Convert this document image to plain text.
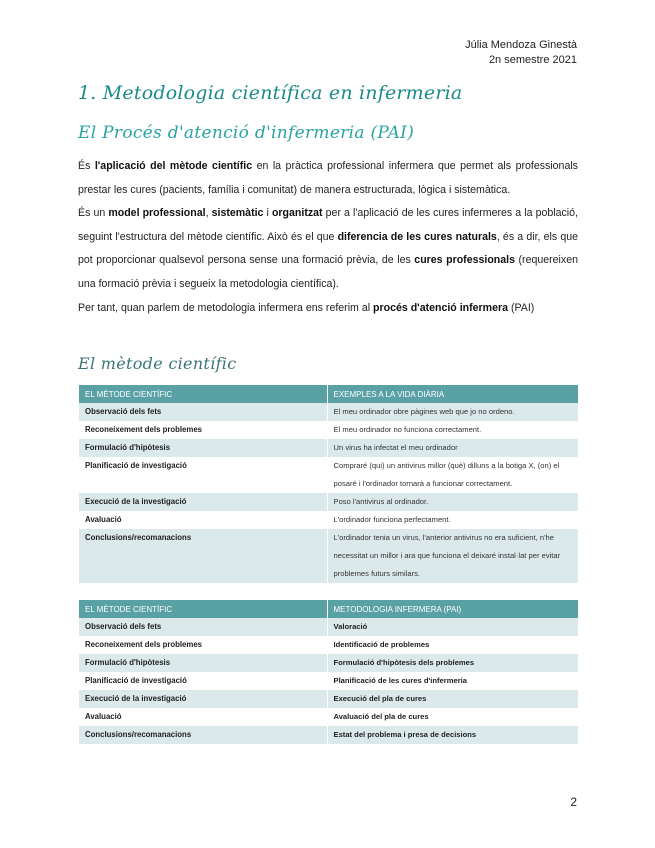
Júlia Mendoza Ginestà
2n semestre 2021
1. Metodologia científica en infermeria
El Procés d'atenció d'infermeria (PAI)

És l'aplicació del mètode científic en la pràctica professional infermera que permet als professionals prestar les cures (pacients, família i comunitat) de manera estructurada, lògica i sistemàtica.

És un model professional, sistemàtic i organitzat per a l'aplicació de les cures infermeres a la població, seguint l'estructura del mètode científic. Això és el que diferencia de les cures naturals, és a dir, els que pot proporcionar qualsevol persona sense una formació prèvia, de les cures professionals (requereixen una formació prèvia i segueix la metodologia científica).

Per tant, quan parlem de metodologia infermera ens referim al procés d'atenció infermera (PAI)

El mètode científic
EL MÈTODE CIENTÍFIC	EXEMPLES A LA VIDA DIÀRIA
Observació dels fets	El meu ordinador obre pàgines web que jo no ordeno.
Reconeixement dels problemes	El meu ordinador no funciona correctament.
Formulació d'hipòtesis	Un virus ha infectat el meu ordinador
Planificació de investigació	Compraré (qui) un antivirus millor (què) dilluns a la botiga X, (on) el posaré i l'ordinador tornarà a funcionar correctament.
Execució de la investigació	Poso l'antivirus al ordinador.
Avaluació	L'ordinador funciona perfectament.
Conclusions/recomanacions	L'ordinador tenia un virus, l'anterior antivirus no era suficient, n'he necessitat un millor i ara que funciona el deixaré instal·lat per evitar problemes futurs similars.
EL MÈTODE CIENTÍFIC	METODOLOGIA INFERMERA (PAI)
Observació dels fets	Valoració
Reconeixement dels problemes	Identificació de problemes
Formulació d'hipòtesis	Formulació d'hipòtesis dels problemes
Planificació de investigació	Planificació de les cures d'infermeria
Execució de la investigació	Execució del pla de cures
Avaluació	Avaluació del pla de cures
Conclusions/recomanacions	Estat del problema i presa de decisions
2
